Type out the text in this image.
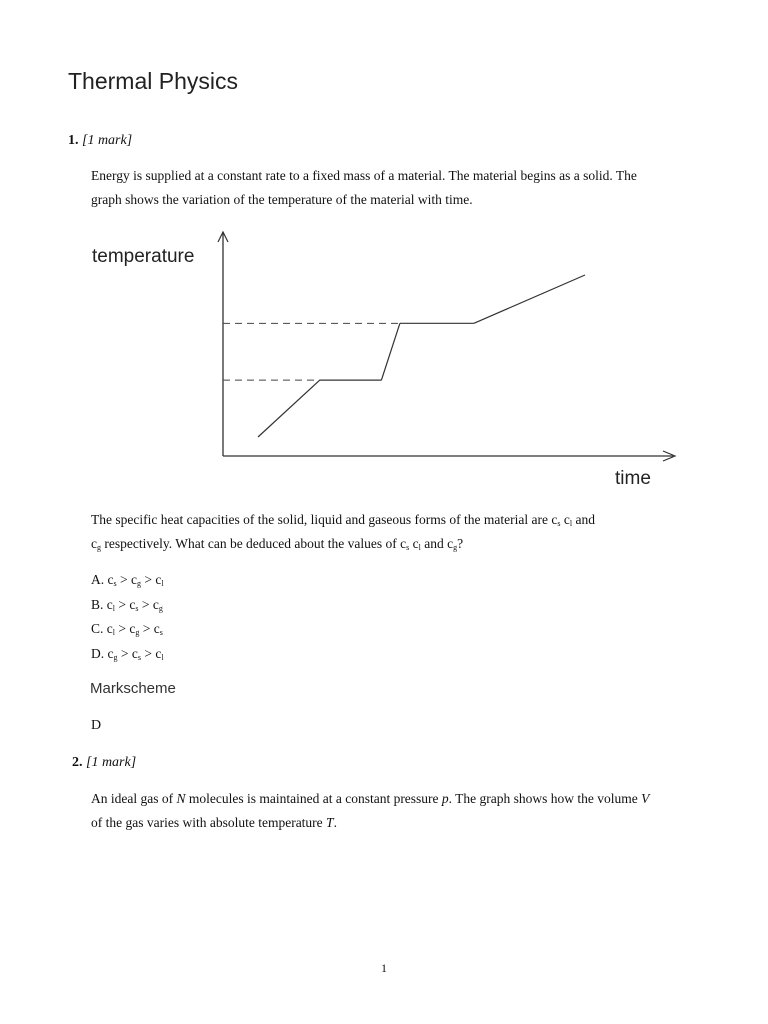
Thermal Physics
1. [1 mark]
Energy is supplied at a constant rate to a fixed mass of a material. The material begins as a solid. The
graph shows the variation of the temperature of the material with time.
temperature
time
The specific heat capacities of the solid, liquid and gaseous forms of the material are $c_s$ $c_l$ and
$c_g$ respectively. What can be deduced about the values of $c_s$ $c_l$ and $c_g$?
A. $c_s > c_g > c_l$
B. $c_l > c_s > c_g$
C. $c_l > c_g > c_s$
D. $c_g > c_s > c_l$
Markscheme
D
2. [1 mark]
An ideal gas of N molecules is maintained at a constant pressure p. The graph shows how the volume V
of the gas varies with absolute temperature T.
1
